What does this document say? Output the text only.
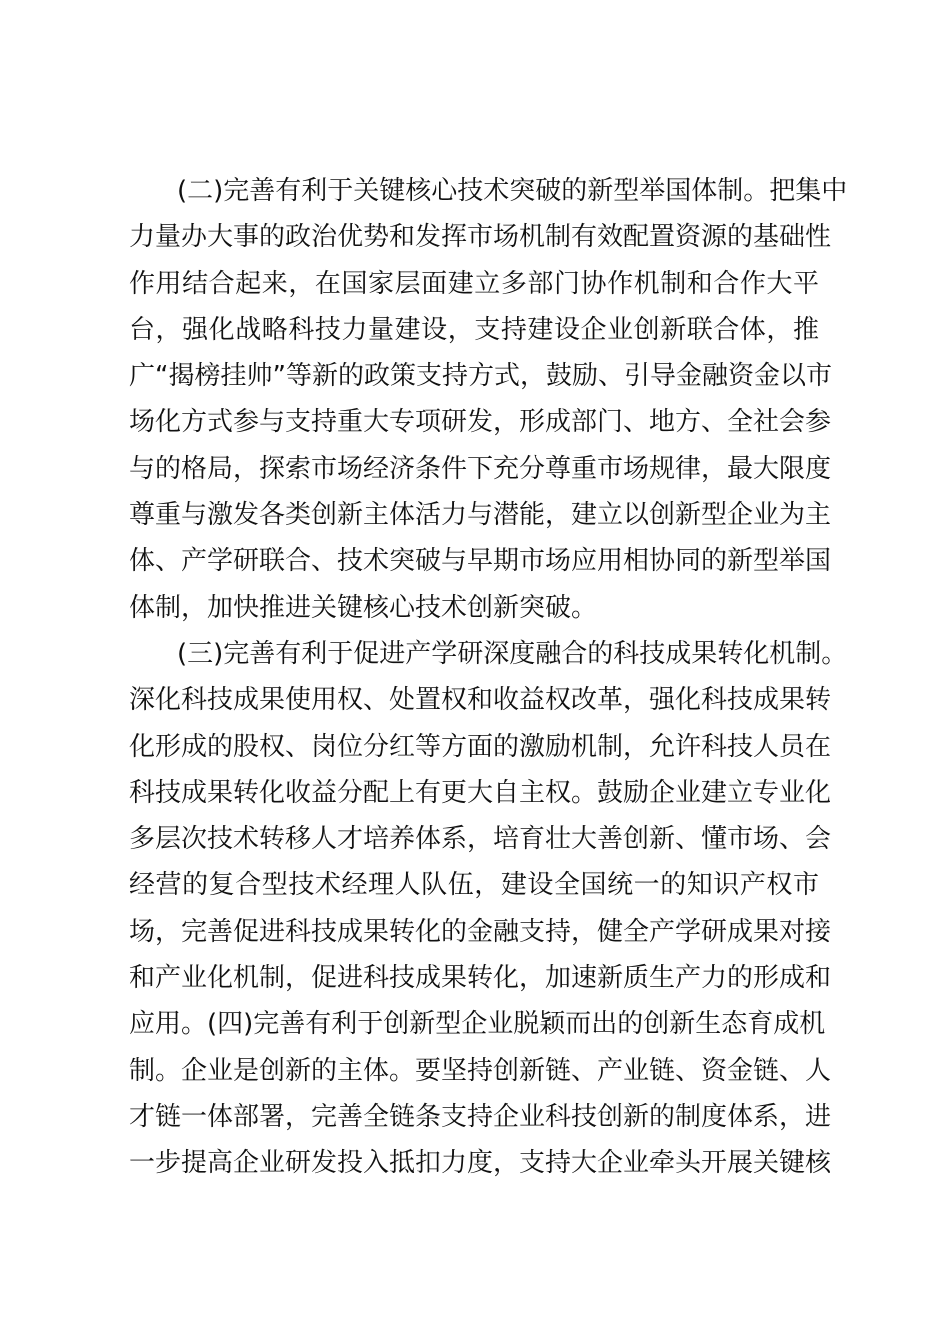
(二)完善有利于关键核心技术突破的新型举国体制。把集中
力量办大事的政治优势和发挥市场机制有效配置资源的基础性
作用结合起来，在国家层面建立多部门协作机制和合作大平
台，强化战略科技力量建设，支持建设企业创新联合体，推
广“揭榜挂帅”等新的政策支持方式，鼓励、引导金融资金以市
场化方式参与支持重大专项研发，形成部门、地方、全社会参
与的格局，探索市场经济条件下充分尊重市场规律，最大限度
尊重与激发各类创新主体活力与潜能，建立以创新型企业为主
体、产学研联合、技术突破与早期市场应用相协同的新型举国
体制，加快推进关键核心技术创新突破。
(三)完善有利于促进产学研深度融合的科技成果转化机制。
深化科技成果使用权、处置权和收益权改革，强化科技成果转
化形成的股权、岗位分红等方面的激励机制，允许科技人员在
科技成果转化收益分配上有更大自主权。鼓励企业建立专业化
多层次技术转移人才培养体系，培育壮大善创新、懂市场、会
经营的复合型技术经理人队伍，建设全国统一的知识产权市
场，完善促进科技成果转化的金融支持，健全产学研成果对接
和产业化机制，促进科技成果转化，加速新质生产力的形成和
应用。(四)完善有利于创新型企业脱颖而出的创新生态育成机
制。企业是创新的主体。要坚持创新链、产业链、资金链、人
才链一体部署，完善全链条支持企业科技创新的制度体系，进
一步提高企业研发投入抵扣力度，支持大企业牵头开展关键核
